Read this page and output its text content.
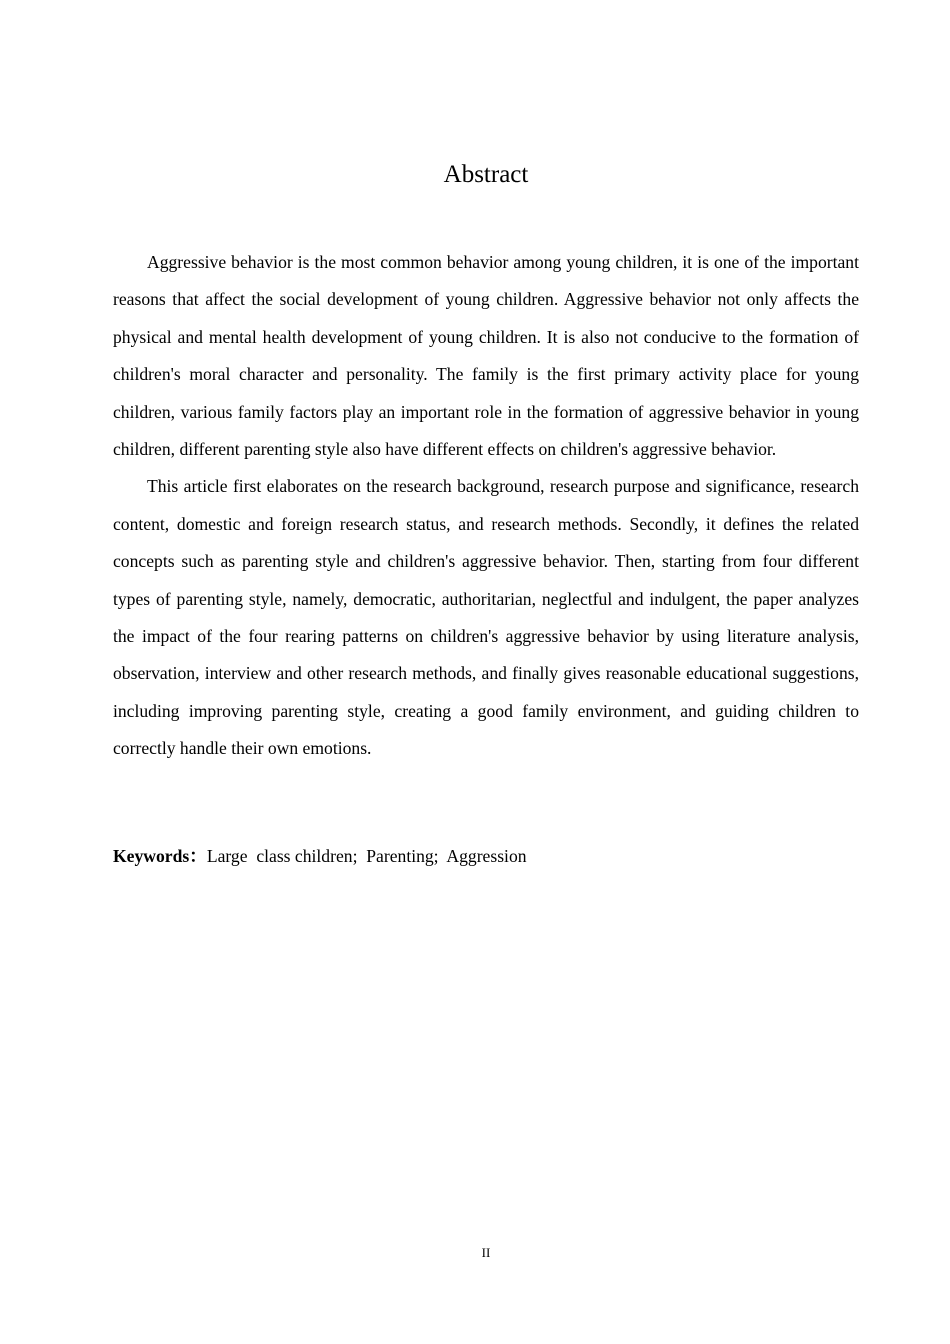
Abstract

Aggressive behavior is the most common behavior among young children, it is one of the important reasons that affect the social development of young children. Aggressive behavior not only affects the physical and mental health development of young children. It is also not conducive to the formation of children's moral character and personality. The family is the first primary activity place for young children, various family factors play an important role in the formation of aggressive behavior in young children, different parenting style also have different effects on children's aggressive behavior.

This article first elaborates on the research background, research purpose and significance, research content, domestic and foreign research status, and research methods. Secondly, it defines the related concepts such as parenting style and children's aggressive behavior. Then, starting from four different types of parenting style, namely, democratic, authoritarian, neglectful and indulgent, the paper analyzes the impact of the four rearing patterns on children's aggressive behavior by using literature analysis, observation, interview and other research methods, and finally gives reasonable educational suggestions, including improving parenting style, creating a good family environment, and guiding children to correctly handle their own emotions.

Keywords：Large  class children;  Parenting;  Aggression

II
